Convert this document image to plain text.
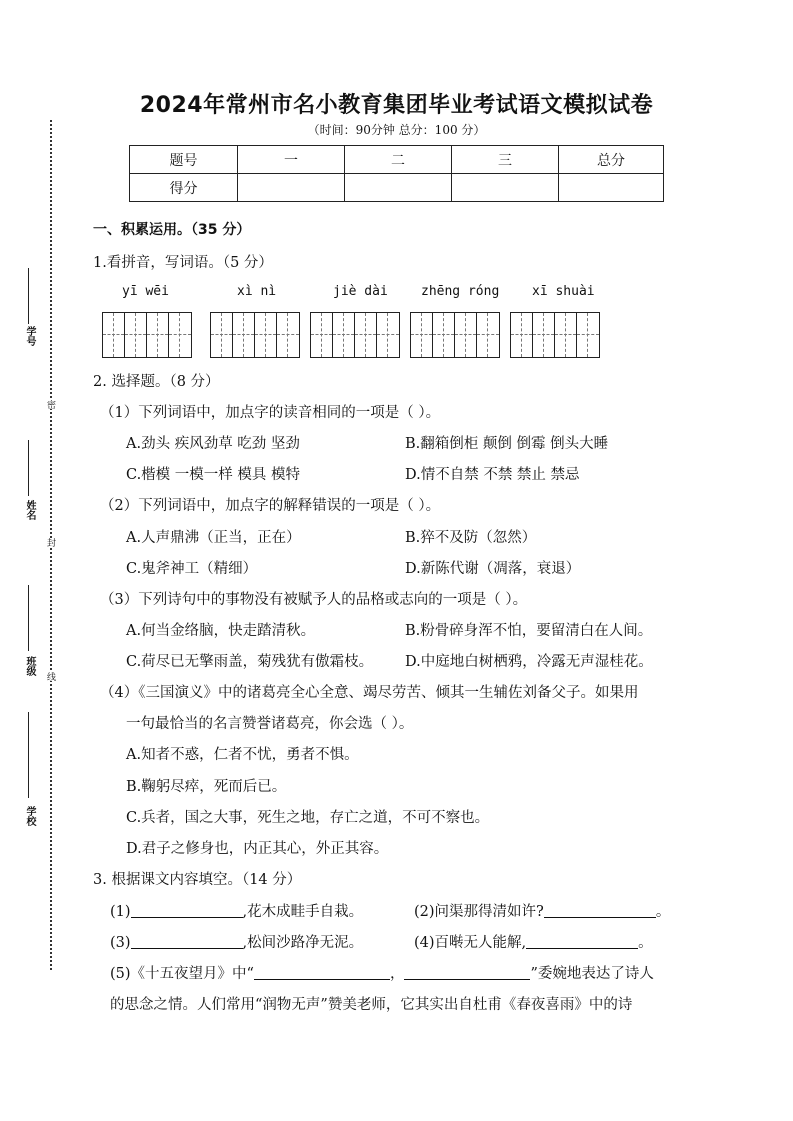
密
封
线
学号
姓名
班级
学校
2024年常州市名小教育集团毕业考试语文模拟试卷
（时间：90分钟 总分：100 分）
题号	一	二	三	总分
得分				
一、积累运用。（35 分）
1.看拼音，写词语。（5 分）
yī wēi	xì nì	jiè dài	zhēng róng	xī shuài
2. 选择题。（8 分）
（1）下列词语中，加点字的读音相同的一项是（ ）。
A.劲头 疾风劲草 吃劲 坚劲	B.翻箱倒柜 颠倒 倒霉 倒头大睡
C.楷模 一模一样 模具 模特	D.情不自禁 不禁 禁止 禁忌
（2）下列词语中，加点字的解释错误的一项是（ ）。
A.人声鼎沸（正当，正在）	B.猝不及防（忽然）
C.鬼斧神工（精细）	D.新陈代谢（凋落，衰退）
（3）下列诗句中的事物没有被赋予人的品格或志向的一项是（ ）。
A.何当金络脑，快走踏清秋。	B.粉骨碎身浑不怕，要留清白在人间。
C.荷尽已无擎雨盖，菊残犹有傲霜枝。 D.中庭地白树栖鸦，冷露无声湿桂花。
（4）《三国演义》中的诸葛亮全心全意、竭尽劳苦、倾其一生辅佐刘备父子。如果用
一句最恰当的名言赞誉诸葛亮，你会选（ ）。
A.知者不惑，仁者不忧，勇者不惧。
B.鞠躬尽瘁，死而后已。
C.兵者，国之大事，死生之地，存亡之道，不可不察也。
D.君子之修身也，内正其心，外正其容。
3. 根据课文内容填空。（14 分）
(1)	,花木成畦手自栽。	(2)问渠那得清如许?	。
(3)	,松间沙路净无泥。	(4)百啭无人能解,	。
(5)《十五夜望月》中“	，	”委婉地表达了诗人
的思念之情。人们常用“润物无声”赞美老师，它其实出自杜甫《春夜喜雨》中的诗
